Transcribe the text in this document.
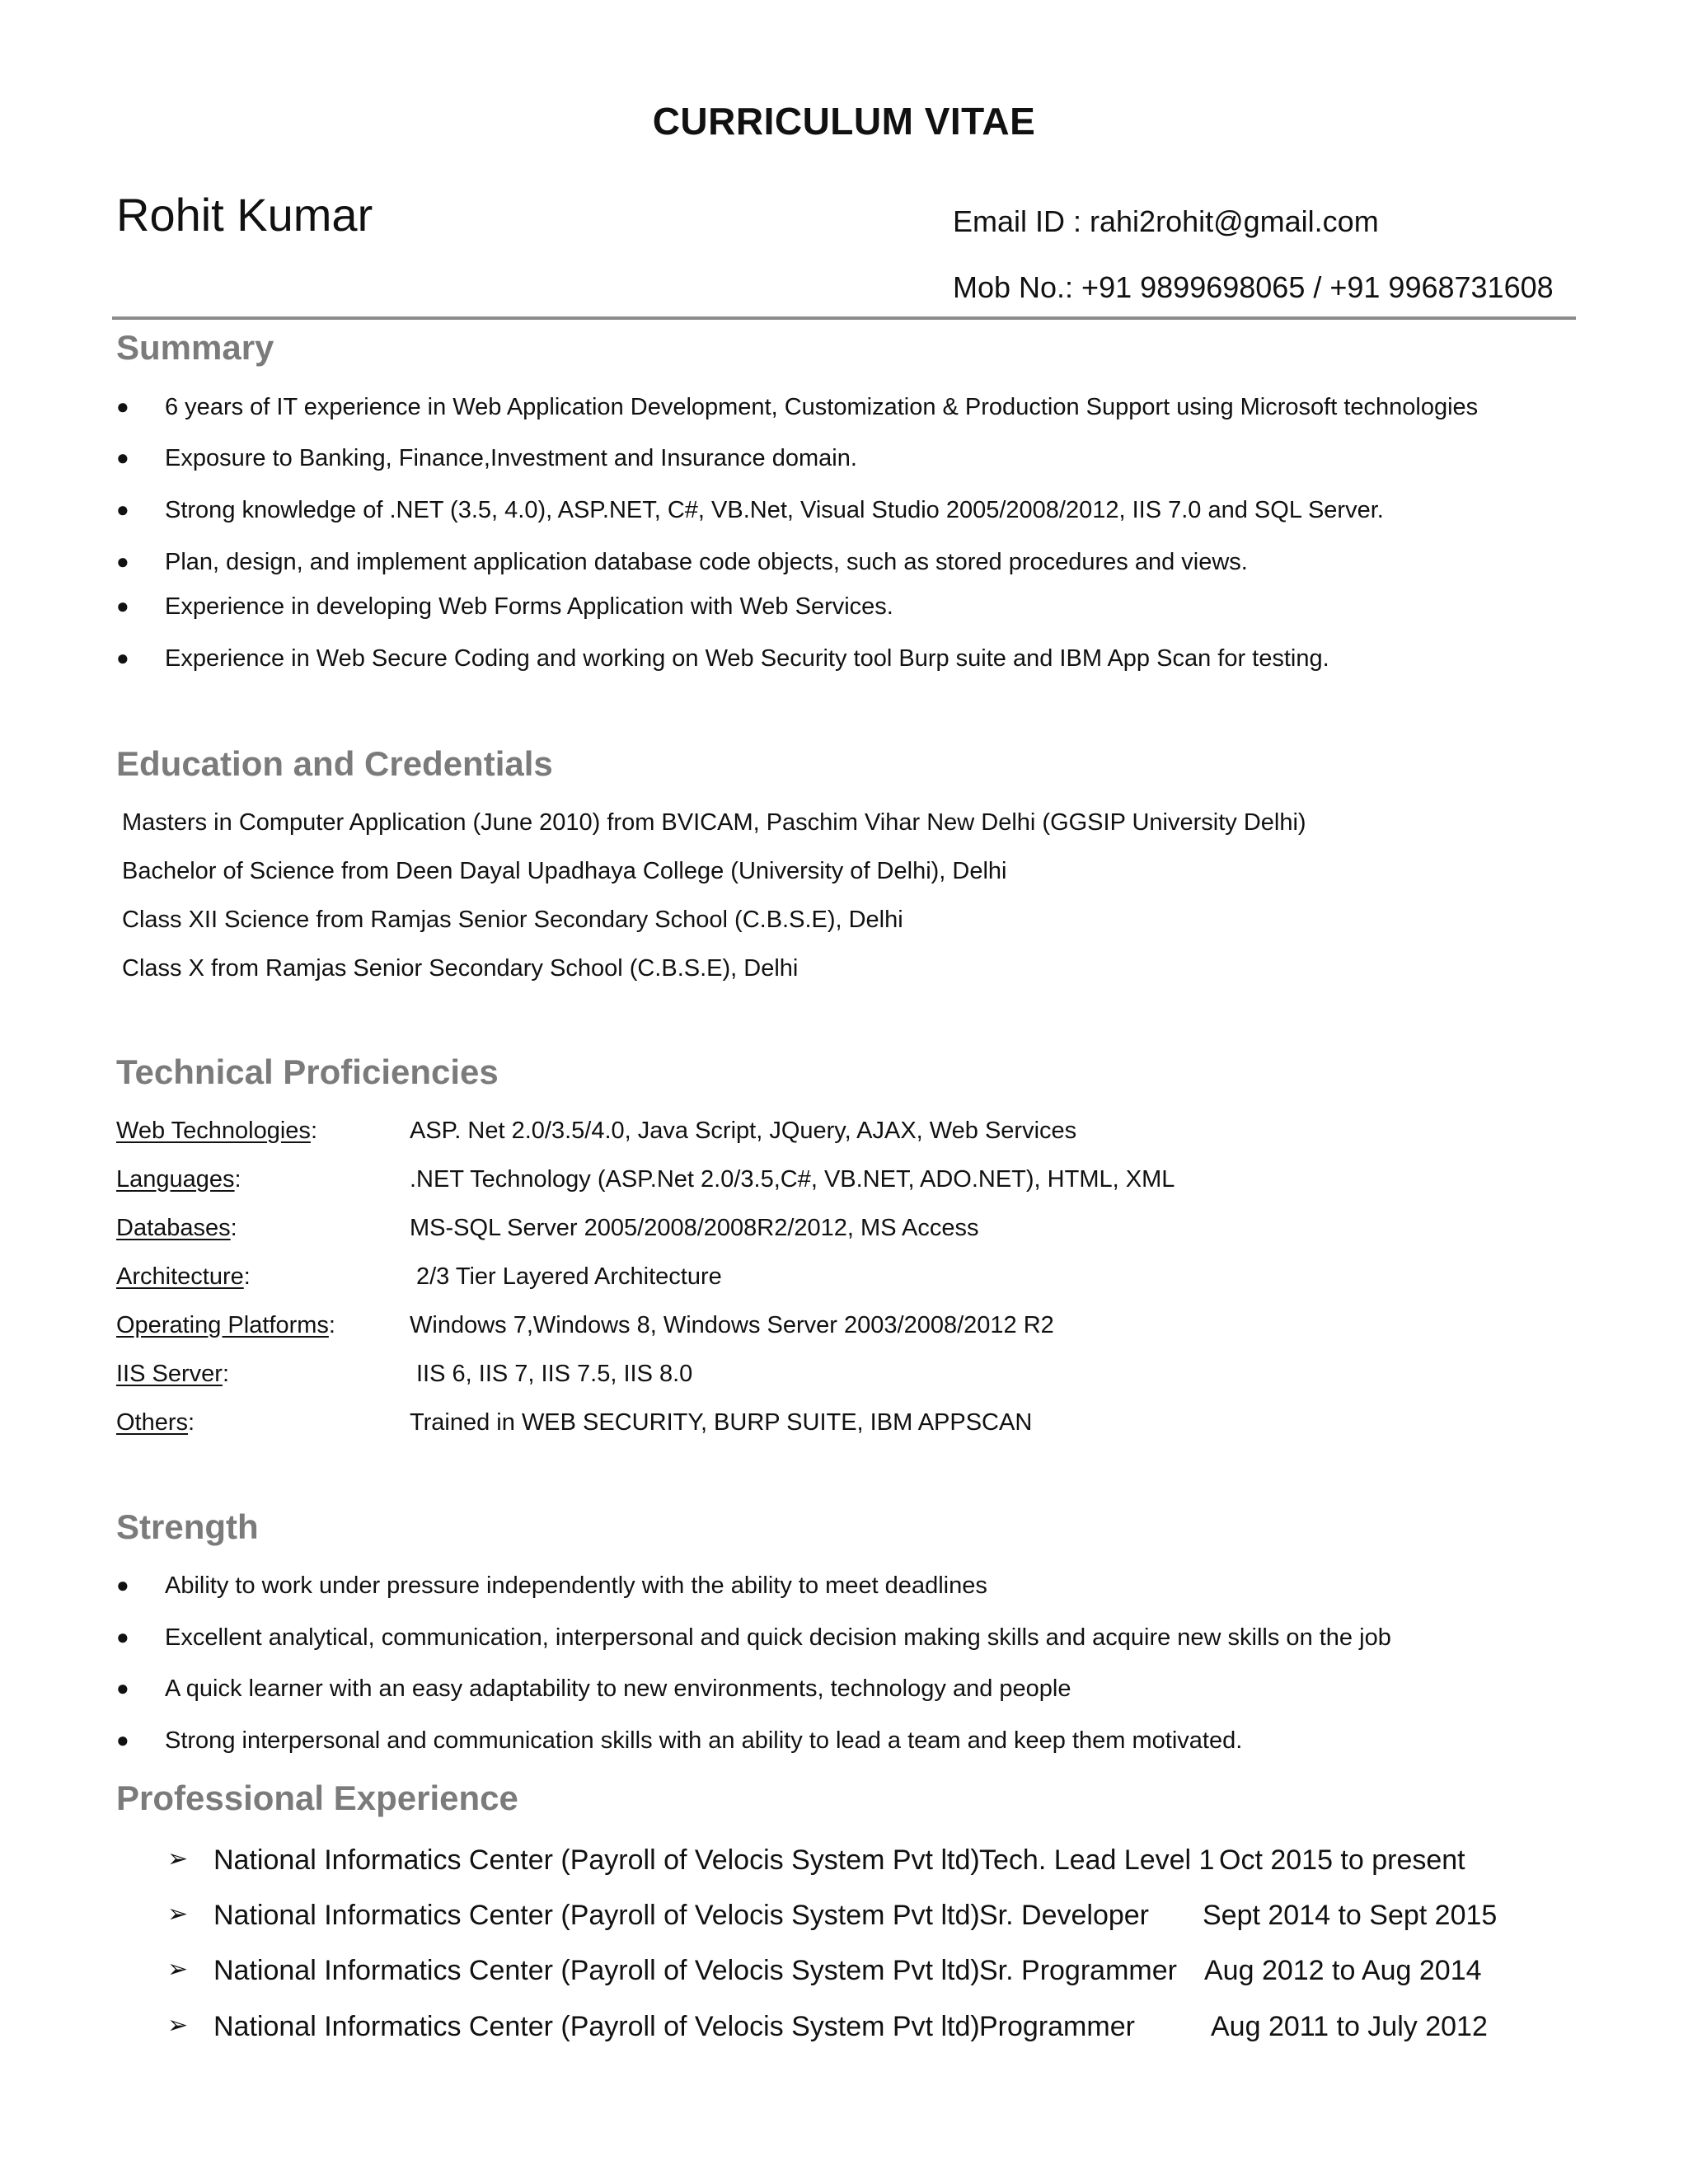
CURRICULUM VITAE
Rohit Kumar	Email ID : rahi2rohit@gmail.com
Mob No.: +91 9899698065 / +91 9968731608
Summary
● 6 years of IT experience in Web Application Development, Customization & Production Support using Microsoft technologies
● Exposure to Banking, Finance,Investment and Insurance domain.
● Strong knowledge of .NET (3.5, 4.0), ASP.NET, C#, VB.Net, Visual Studio 2005/2008/2012, IIS 7.0 and SQL Server.
● Plan, design, and implement application database code objects, such as stored procedures and views.
● Experience in developing Web Forms Application with Web Services.
● Experience in Web Secure Coding and working on Web Security tool Burp suite and IBM App Scan for testing.
Education and Credentials
Masters in Computer Application (June 2010) from BVICAM, Paschim Vihar New Delhi (GGSIP University Delhi)
Bachelor of Science from Deen Dayal Upadhaya College (University of Delhi), Delhi
Class XII Science from Ramjas Senior Secondary School (C.B.S.E), Delhi
Class X from Ramjas Senior Secondary School (C.B.S.E), Delhi
Technical Proficiencies
Web Technologies:	ASP. Net 2.0/3.5/4.0, Java Script, JQuery, AJAX, Web Services
Languages:	.NET Technology (ASP.Net 2.0/3.5,C#, VB.NET, ADO.NET), HTML, XML
Databases:	MS-SQL Server 2005/2008/2008R2/2012, MS Access
Architecture:	2/3 Tier Layered Architecture
Operating Platforms:	Windows 7,Windows 8, Windows Server 2003/2008/2012 R2
IIS Server:	IIS 6, IIS 7, IIS 7.5, IIS 8.0
Others:	Trained in WEB SECURITY, BURP SUITE, IBM APPSCAN
Strength
● Ability to work under pressure independently with the ability to meet deadlines
● Excellent analytical, communication, interpersonal and quick decision making skills and acquire new skills on the job
● A quick learner with an easy adaptability to new environments, technology and people
● Strong interpersonal and communication skills with an ability to lead a team and keep them motivated.
Professional Experience
➢ National Informatics Center (Payroll of Velocis System Pvt ltd) Tech. Lead Level 1 Oct 2015 to present
➢ National Informatics Center (Payroll of Velocis System Pvt ltd) Sr. Developer Sept 2014 to Sept 2015
➢ National Informatics Center (Payroll of Velocis System Pvt ltd) Sr. Programmer Aug 2012 to Aug 2014
➢ National Informatics Center (Payroll of Velocis System Pvt ltd) Programmer	Aug 2011 to July 2012
